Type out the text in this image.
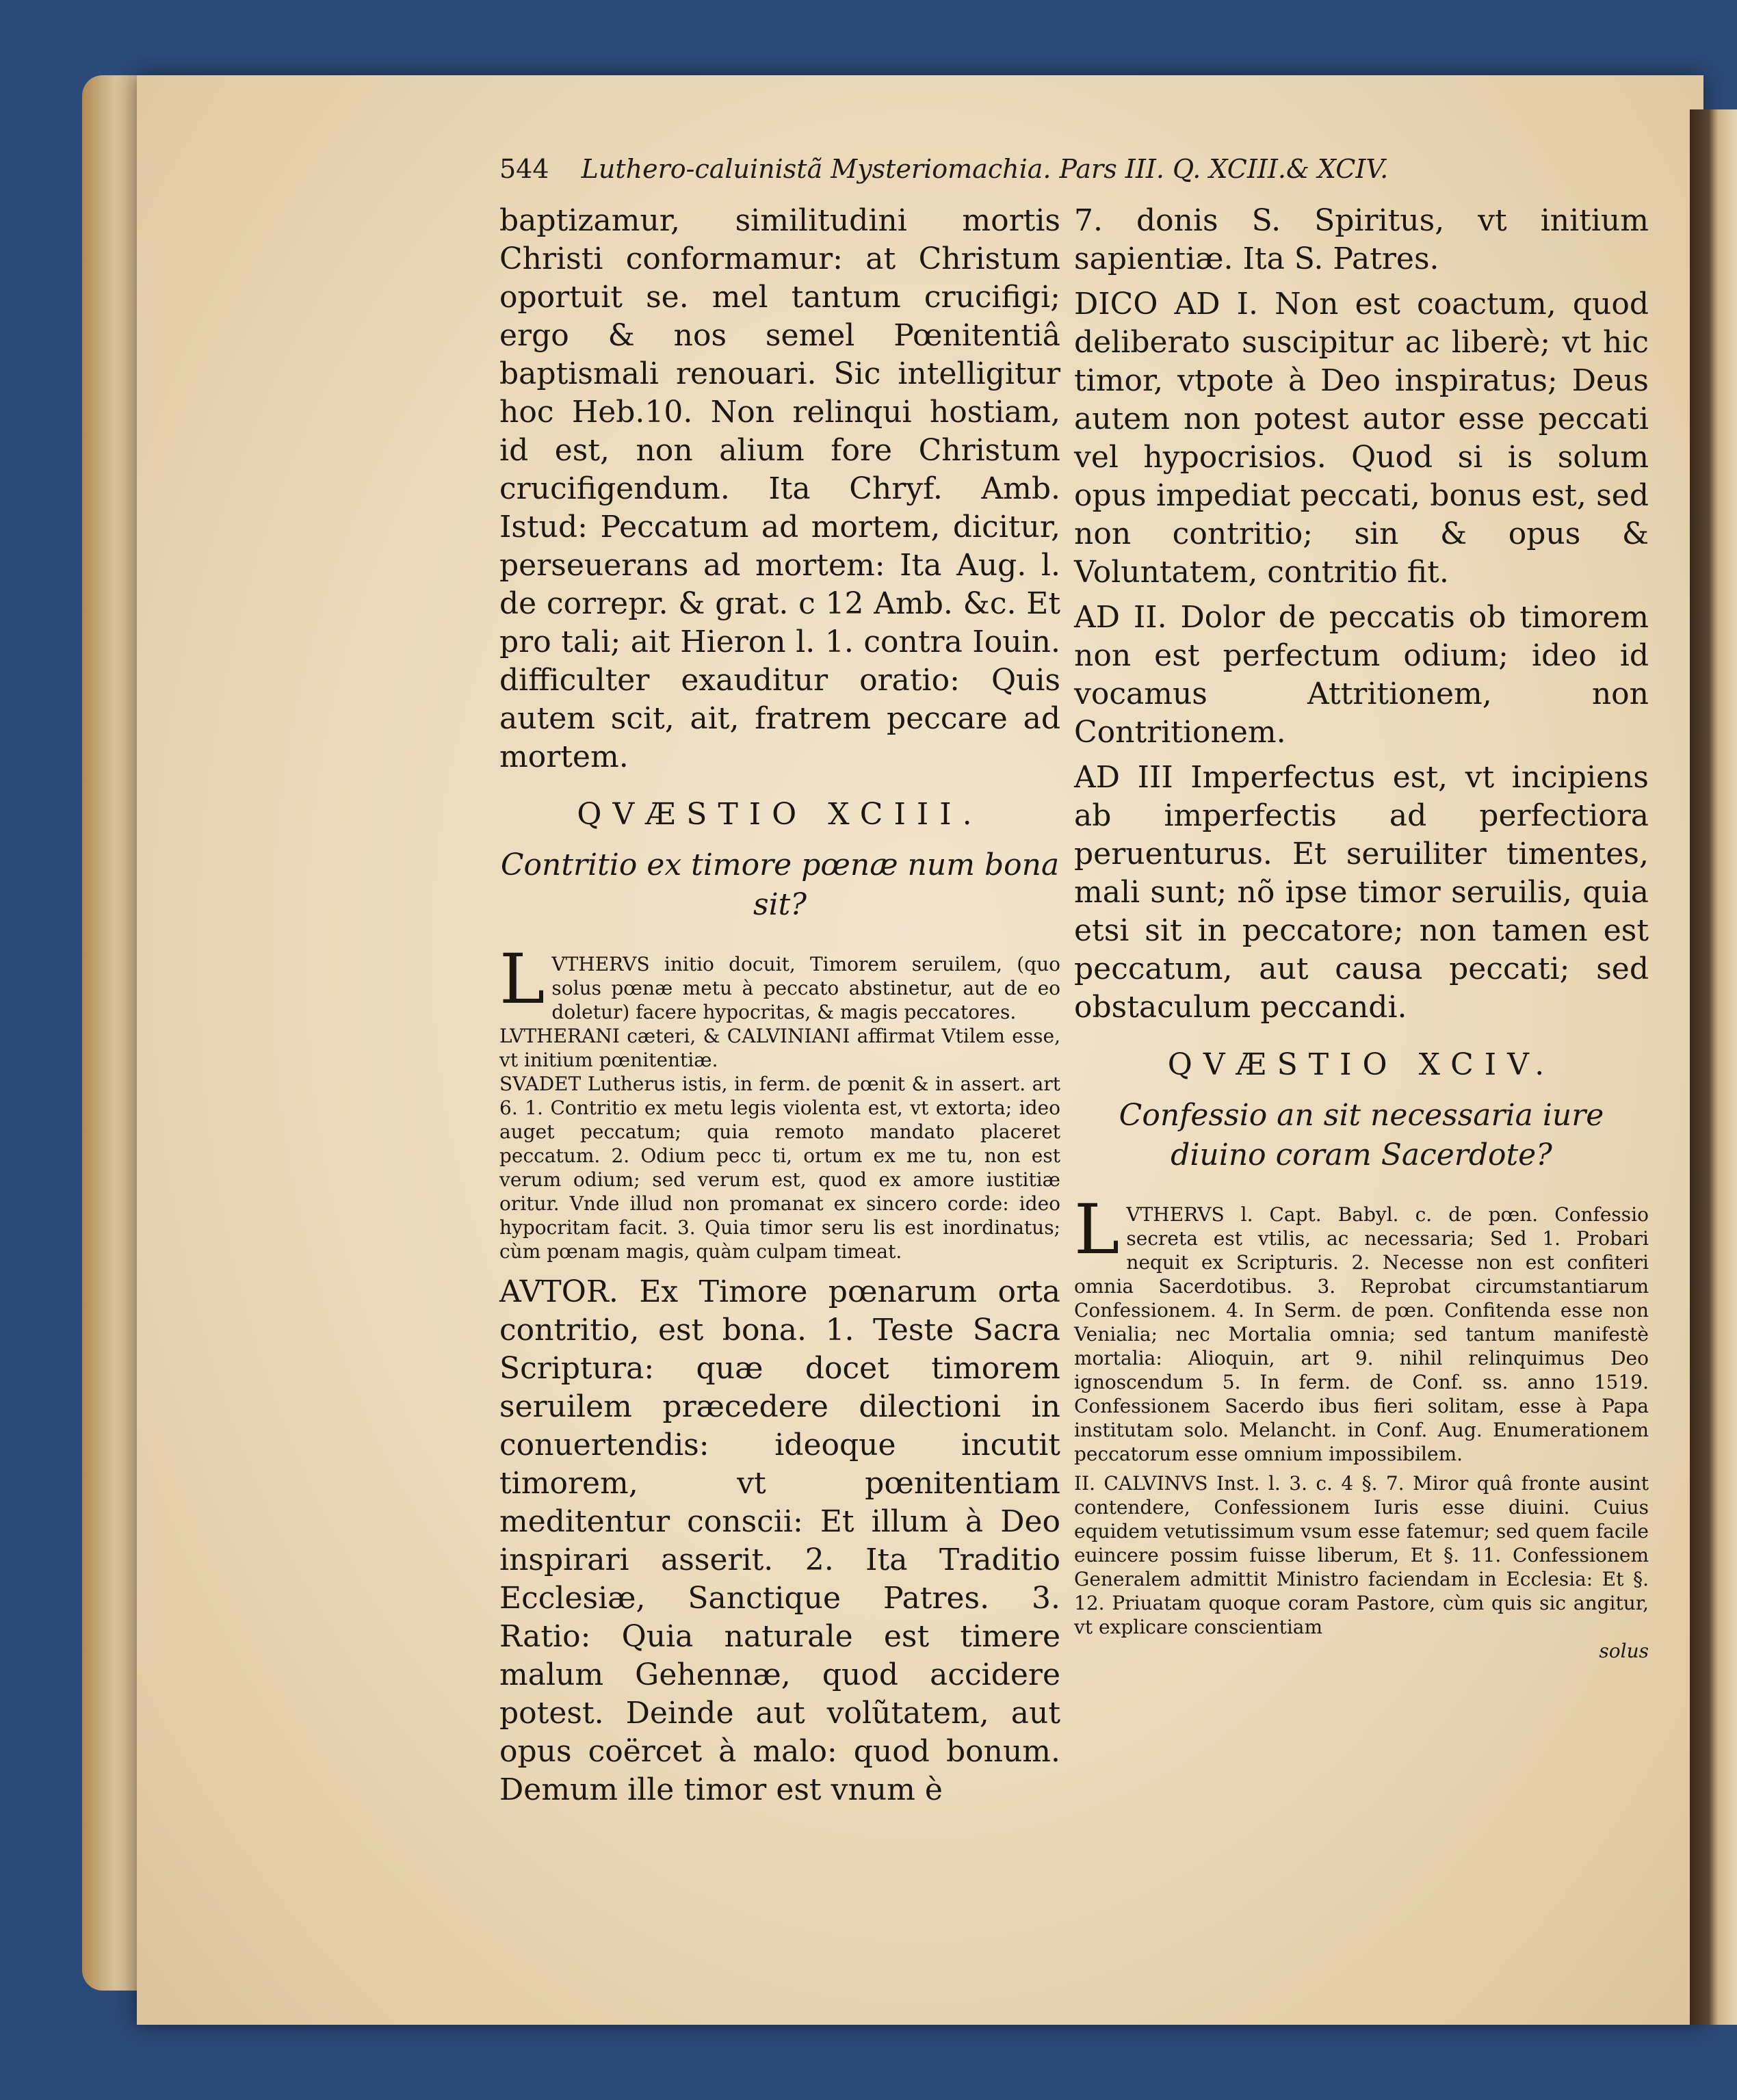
544 Luthero-caluinistã Mysteriomachia. Pars III. Q. XCIII.& XCIV.

baptizamur, similitudini mortis Christi conformamur: at Christum oportuit se. mel tantum crucifigi; ergo & nos semel Pœnitentiâ baptismali renouari. Sic intelligitur hoc Heb.10. Non relinqui hostiam, id est, non alium fore Christum crucifigendum. Ita Chryf. Amb. Istud: Peccatum ad mortem, dicitur, perseuerans ad mortem: Ita Aug. l. de correpr. & grat. c 12 Amb. &c. Et pro tali; ait Hieron l. 1. contra Iouin. difficulter exauditur oratio: Quis autem scit, ait, fratrem peccare ad mortem.

QVÆSTIO XCIII.
Contritio ex timore pœnæ num bona sit?

LVTHERVS initio docuit, Timorem seruilem, (quo solus pœnæ metu à peccato abstinetur, aut de eo doletur) facere hypocritas, & magis peccatores.

LVTHERANI cæteri, & CALVINIANI affirmat Vtilem esse, vt initium pœnitentiæ.

SVADET Lutherus istis, in ferm. de pœnit & in assert. art 6. 1. Contritio ex metu legis violenta est, vt extorta; ideo auget peccatum; quia remoto mandato placeret peccatum. 2. Odium pecc ti, ortum ex me tu, non est verum odium; sed verum est, quod ex amore iustitiæ oritur. Vnde illud non promanat ex sincero corde: ideo hypocritam facit. 3. Quia timor seru lis est inordinatus; cùm pœnam magis, quàm culpam timeat.

AVTOR. Ex Timore pœnarum orta contritio, est bona. 1. Teste Sacra Scriptura: quæ docet timorem seruilem præcedere dilectioni in conuertendis: ideoque incutit timorem, vt pœnitentiam meditentur conscii: Et illum à Deo inspirari asserit. 2. Ita Traditio Ecclesiæ, Sanctique Patres. 3. Ratio: Quia naturale est timere malum Gehennæ, quod accidere potest. Deinde aut volũtatem, aut opus coërcet à malo: quod bonum. Demum ille timor est vnum è

7. donis S. Spiritus, vt initium sapientiæ. Ita S. Patres.

DICO AD I. Non est coactum, quod deliberato suscipitur ac liberè; vt hic timor, vtpote à Deo inspiratus; Deus autem non potest autor esse peccati vel hypocrisios. Quod si is solum opus impediat peccati, bonus est, sed non contritio; sin & opus & Voluntatem, contritio fit.

AD II. Dolor de peccatis ob timorem non est perfectum odium; ideo id vocamus Attritionem, non Contritionem.

AD III Imperfectus est, vt incipiens ab imperfectis ad perfectiora peruenturus. Et seruiliter timentes, mali sunt; nõ ipse timor seruilis, quia etsi sit in peccatore; non tamen est peccatum, aut causa peccati; sed obstaculum peccandi.

QVÆSTIO XCIV.
Confessio an sit necessaria iure diuino coram Sacerdote?

LVTHERVS l. Capt. Babyl. c. de pœn. Confessio secreta est vtilis, ac necessaria; Sed 1. Probari nequit ex Scripturis. 2. Necesse non est confiteri omnia Sacerdotibus. 3. Reprobat circumstantiarum Confessionem. 4. In Serm. de pœn. Confitenda esse non Venialia; nec Mortalia omnia; sed tantum manifestè mortalia: Alioquin, art 9. nihil relinquimus Deo ignoscendum 5. In ferm. de Conf. ss. anno 1519. Confessionem Sacerdo ibus fieri solitam, esse à Papa institutam solo. Melancht. in Conf. Aug. Enumerationem peccatorum esse omnium impossibilem.

II. CALVINVS Inst. l. 3. c. 4 §. 7. Miror quâ fronte ausint contendere, Confessionem Iuris esse diuini. Cuius equidem vetutissimum vsum esse fatemur; sed quem facile euincere possim fuisse liberum, Et §. 11. Confessionem Generalem admittit Ministro faciendam in Ecclesia: Et §. 12. Priuatam quoque coram Pastore, cùm quis sic angitur, vt explicare conscientiam

solus
